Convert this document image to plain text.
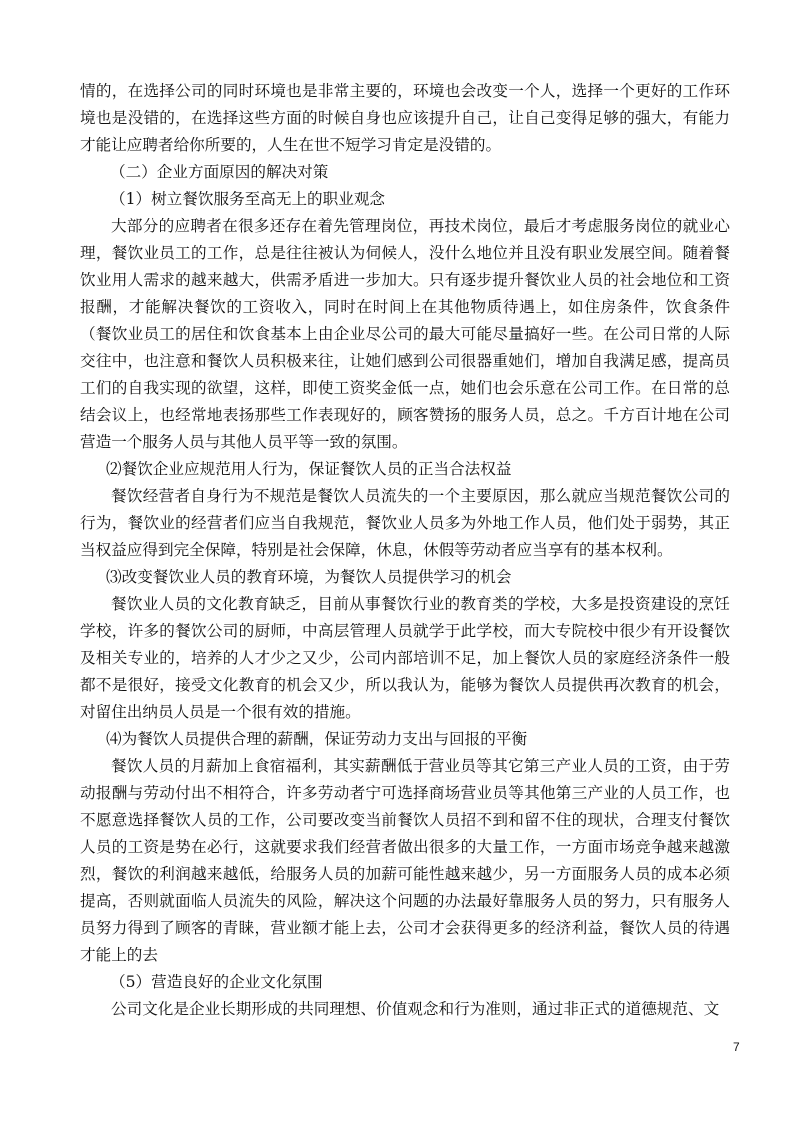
情的，在选择公司的同时环境也是非常主要的，环境也会改变一个人，选择一个更好的工作环境也是没错的，在选择这些方面的时候自身也应该提升自己，让自己变得足够的强大，有能力才能让应聘者给你所要的，人生在世不短学习肯定是没错的。

（二）企业方面原因的解决对策

（1）树立餐饮服务至高无上的职业观念

大部分的应聘者在很多还存在着先管理岗位，再技术岗位，最后才考虑服务岗位的就业心理，餐饮业员工的工作，总是往往被认为伺候人，没什么地位并且没有职业发展空间。随着餐饮业用人需求的越来越大，供需矛盾进一步加大。只有逐步提升餐饮业人员的社会地位和工资报酬，才能解决餐饮的工资收入，同时在时间上在其他物质待遇上，如住房条件，饮食条件（餐饮业员工的居住和饮食基本上由企业尽公司的最大可能尽量搞好一些。在公司日常的人际交往中，也注意和餐饮人员积极来往，让她们感到公司很器重她们，增加自我满足感，提高员工们的自我实现的欲望，这样，即使工资奖金低一点，她们也会乐意在公司工作。在日常的总结会议上，也经常地表扬那些工作表现好的，顾客赞扬的服务人员，总之。千方百计地在公司营造一个服务人员与其他人员平等一致的氛围。

⑵餐饮企业应规范用人行为，保证餐饮人员的正当合法权益

餐饮经营者自身行为不规范是餐饮人员流失的一个主要原因，那么就应当规范餐饮公司的行为，餐饮业的经营者们应当自我规范，餐饮业人员多为外地工作人员，他们处于弱势，其正当权益应得到完全保障，特别是社会保障，休息，休假等劳动者应当享有的基本权利。

⑶改变餐饮业人员的教育环境，为餐饮人员提供学习的机会

餐饮业人员的文化教育缺乏，目前从事餐饮行业的教育类的学校，大多是投资建设的烹饪学校，许多的餐饮公司的厨师，中高层管理人员就学于此学校，而大专院校中很少有开设餐饮及相关专业的，培养的人才少之又少，公司内部培训不足，加上餐饮人员的家庭经济条件一般都不是很好，接受文化教育的机会又少，所以我认为，能够为餐饮人员提供再次教育的机会，对留住出纳员人员是一个很有效的措施。

⑷为餐饮人员提供合理的薪酬，保证劳动力支出与回报的平衡

餐饮人员的月薪加上食宿福利，其实薪酬低于营业员等其它第三产业人员的工资，由于劳动报酬与劳动付出不相符合，许多劳动者宁可选择商场营业员等其他第三产业的人员工作，也不愿意选择餐饮人员的工作，公司要改变当前餐饮人员招不到和留不住的现状，合理支付餐饮人员的工资是势在必行，这就要求我们经营者做出很多的大量工作，一方面市场竞争越来越激烈，餐饮的利润越来越低，给服务人员的加薪可能性越来越少，另一方面服务人员的成本必须提高，否则就面临人员流失的风险，解决这个问题的办法最好靠服务人员的努力，只有服务人员努力得到了顾客的青睐，营业额才能上去，公司才会获得更多的经济利益，餐饮人员的待遇才能上的去

（5）营造良好的企业文化氛围

公司文化是企业长期形成的共同理想、价值观念和行为准则，通过非正式的道德规范、文

7
